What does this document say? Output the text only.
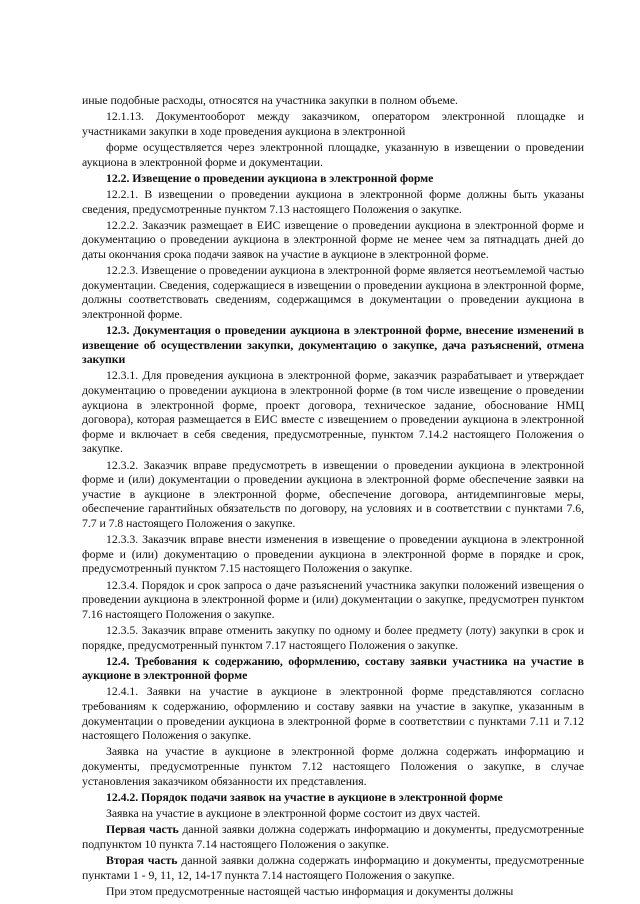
иные подобные расходы, относятся на участника закупки в полном объеме.

12.1.13. Документооборот между заказчиком, оператором электронной площадке и участниками закупки в ходе проведения аукциона в электронной

форме осуществляется через электронной площадке, указанную в извещении о проведении аукциона в электронной форме и документации.

12.2. Извещение о проведении аукциона в электронной форме

12.2.1. В извещении о проведении аукциона в электронной форме должны быть указаны сведения, предусмотренные пунктом 7.13 настоящего Положения о закупке.

12.2.2. Заказчик размещает в ЕИС извещение о проведении аукциона в электронной форме и документацию о проведении аукциона в электронной форме не менее чем за пятнадцать дней до даты окончания срока подачи заявок на участие в аукционе в электронной форме.

12.2.3. Извещение о проведении аукциона в электронной форме является неотъемлемой частью документации. Сведения, содержащиеся в извещении о проведении аукциона в электронной форме, должны соответствовать сведениям, содержащимся в документации о проведении аукциона в электронной форме.

12.3. Документация о проведении аукциона в электронной форме, внесение изменений в извещение об осуществлении закупки, документацию о закупке, дача разъяснений, отмена закупки

12.3.1. Для проведения аукциона в электронной форме, заказчик разрабатывает и утверждает документацию о проведении аукциона в электронной форме (в том числе извещение о проведении аукциона в электронной форме, проект договора, техническое задание, обоснование НМЦ договора), которая размещается в ЕИС вместе с извещением о проведении аукциона в электронной форме и включает в себя сведения, предусмотренные, пунктом 7.14.2 настоящего Положения о закупке.

12.3.2. Заказчик вправе предусмотреть в извещении о проведении аукциона в электронной форме и (или) документации о проведении аукциона в электронной форме обеспечение заявки на участие в аукционе в электронной форме, обеспечение договора, антидемпинговые меры, обеспечение гарантийных обязательств по договору, на условиях и в соответствии с пунктами 7.6, 7.7 и 7.8 настоящего Положения о закупке.

12.3.3. Заказчик вправе внести изменения в извещение о проведении аукциона в электронной форме и (или) документацию о проведении аукциона в электронной форме в порядке и срок, предусмотренный пунктом 7.15 настоящего Положения о закупке.

12.3.4. Порядок и срок запроса о даче разъяснений участника закупки положений извещения о проведении аукциона в электронной форме и (или) документации о закупке, предусмотрен пунктом 7.16 настоящего Положения о закупке.

12.3.5. Заказчик вправе отменить закупку по одному и более предмету (лоту) закупки в срок и порядке, предусмотренный пунктом 7.17 настоящего Положения о закупке.

12.4. Требования к содержанию, оформлению, составу заявки участника на участие в аукционе в электронной форме

12.4.1. Заявки на участие в аукционе в электронной форме представляются согласно требованиям к содержанию, оформлению и составу заявки на участие в закупке, указанным в документации о проведении аукциона в электронной форме в соответствии с пунктами 7.11 и 7.12 настоящего Положения о закупке.

Заявка на участие в аукционе в электронной форме должна содержать информацию и документы, предусмотренные пунктом 7.12 настоящего Положения о закупке, в случае установления заказчиком обязанности их представления.

12.4.2. Порядок подачи заявок на участие в аукционе в электронной форме

Заявка на участие в аукционе в электронной форме состоит из двух частей.

Первая часть данной заявки должна содержать информацию и документы, предусмотренные подпунктом 10 пункта 7.14 настоящего Положения о закупке.

Вторая часть данной заявки должна содержать информацию и документы, предусмотренные пунктами 1 - 9, 11, 12, 14-17 пункта 7.14 настоящего Положения о закупке.

При этом предусмотренные настоящей частью информация и документы должны
